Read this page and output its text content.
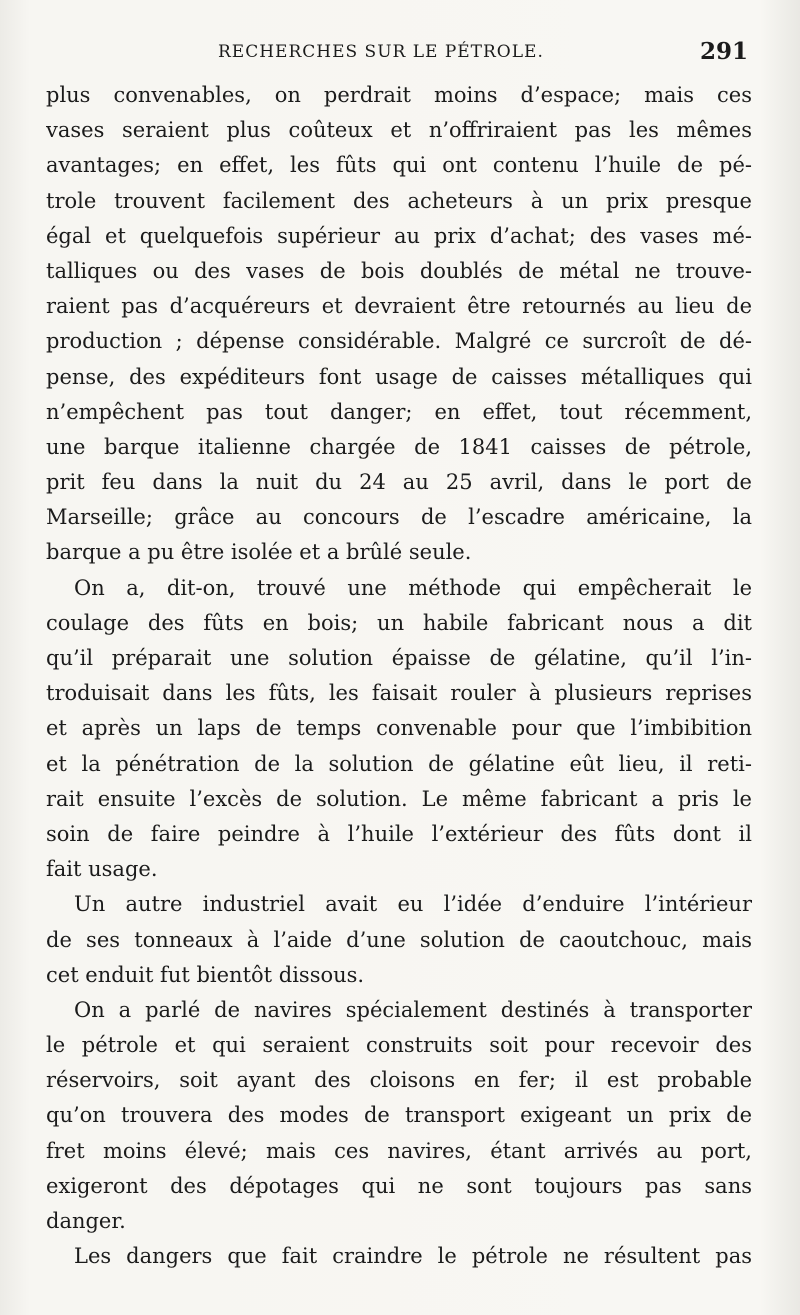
RECHERCHES SUR LE PÉTROLE.	291
plus convenables, on perdrait moins d’espace; mais ces
vases seraient plus coûteux et n’offriraient pas les mêmes
avantages; en effet, les fûts qui ont contenu l’huile de pé-
trole trouvent facilement des acheteurs à un prix presque
égal et quelquefois supérieur au prix d’achat; des vases mé-
talliques ou des vases de bois doublés de métal ne trouve-
raient pas d’acquéreurs et devraient être retournés au lieu de
production ; dépense considérable. Malgré ce surcroît de dé-
pense, des expéditeurs font usage de caisses métalliques qui
n’empêchent pas tout danger; en effet, tout récemment,
une barque italienne chargée de 1841 caisses de pétrole,
prit feu dans la nuit du 24 au 25 avril, dans le port de
Marseille; grâce au concours de l’escadre américaine, la
barque a pu être isolée et a brûlé seule.
On a, dit-on, trouvé une méthode qui empêcherait le
coulage des fûts en bois; un habile fabricant nous a dit
qu’il préparait une solution épaisse de gélatine, qu’il l’in-
troduisait dans les fûts, les faisait rouler à plusieurs reprises
et après un laps de temps convenable pour que l’imbibition
et la pénétration de la solution de gélatine eût lieu, il reti-
rait ensuite l’excès de solution. Le même fabricant a pris le
soin de faire peindre à l’huile l’extérieur des fûts dont il
fait usage.
Un autre industriel avait eu l’idée d’enduire l’intérieur
de ses tonneaux à l’aide d’une solution de caoutchouc, mais
cet enduit fut bientôt dissous.
On a parlé de navires spécialement destinés à transporter
le pétrole et qui seraient construits soit pour recevoir des
réservoirs, soit ayant des cloisons en fer; il est probable
qu’on trouvera des modes de transport exigeant un prix de
fret moins élevé; mais ces navires, étant arrivés au port,
exigeront des dépotages qui ne sont toujours pas sans
danger.
Les dangers que fait craindre le pétrole ne résultent pas
